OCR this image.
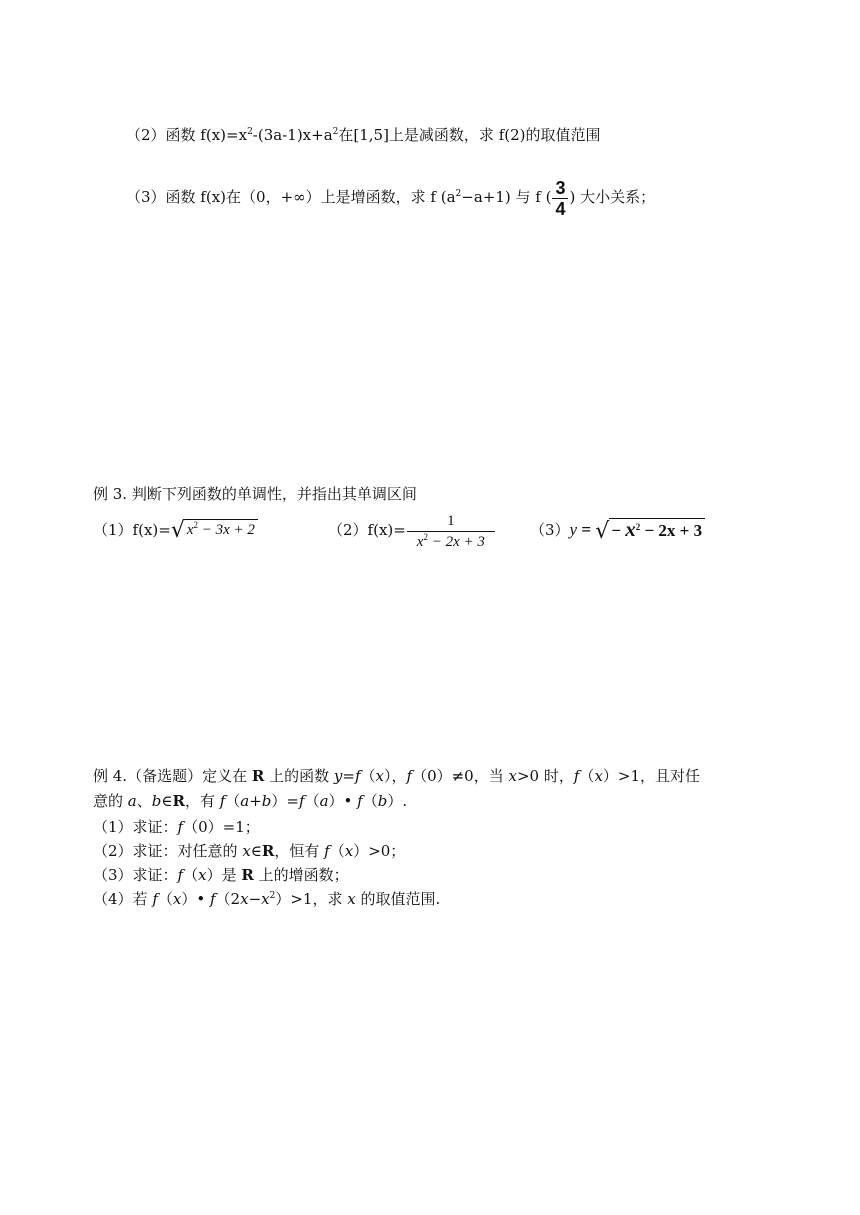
（2）函数 $f(x)=x^2-(3a-1)x+a^2$在[1,5]上是减函数，求 f(2)的取值范围
（3）函数 f(x)在（0，+∞）上是增函数，求 f $(a^2-a+1)$ 与 f ( $\frac{3}{4}$ ) 大小关系；
例 3. 判断下列函数的单调性，并指出其单调区间
（1）f(x)= √ $x^2 - 3x + 2$	$(2)f(x)= \frac{1}{x^2 - 2x + 3} (3)y$ = √ − $x^2 - 2x + 3$
例 4.（备选题）定义在 R 上的函数 y=f（x），f（0）≠0，当 x>0 时，f（x）>1，且对任
意的 a、b∈R，有 f（a+b）=f（a）• f（b）.
（1）求证：f（0）=1；
（2）求证：对任意的 x∈R，恒有 f（x）>0；
（3）求证：f（x）是 R 上的增函数；
（4）若 f（x）• $f(2x-x^2)>1$，求 x 的取值范围.
